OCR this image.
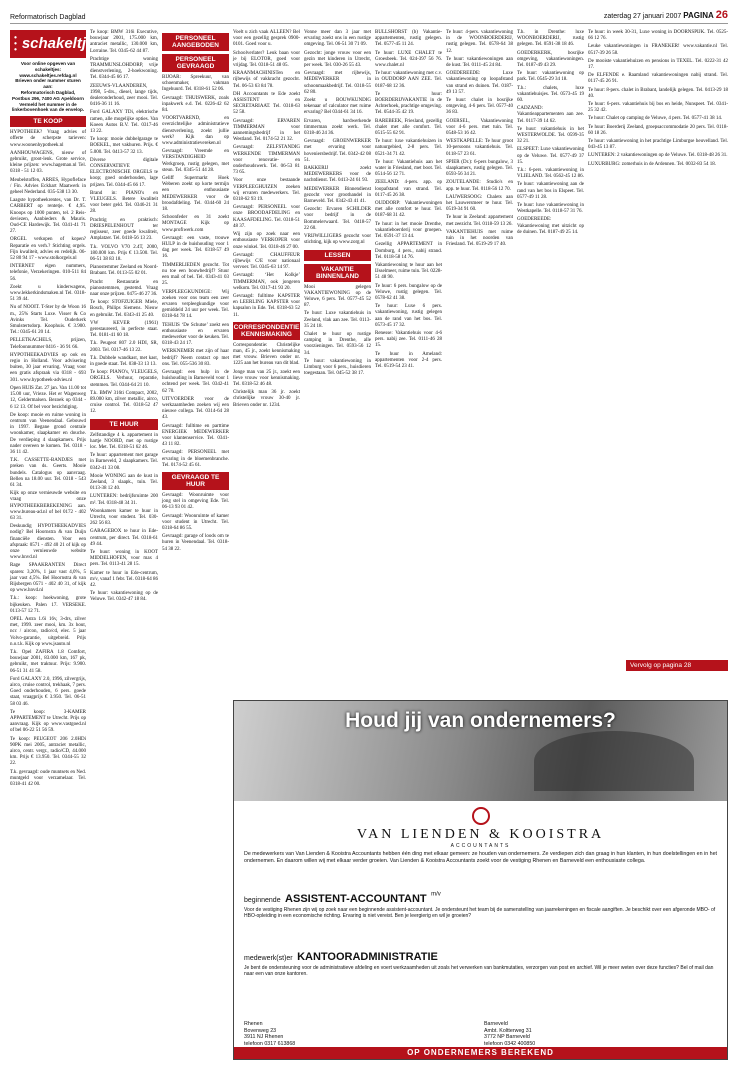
Reformatorisch Dagblad	zaterdag 27 januari 2007 PAGINA 26
• • • schakeltjes
Voor online opgeven van schakeltjes:
www.schakeltjes.refdag.nl
Brieven onder nummer sturen aan:
Reformatorisch Dagblad,
Postbus 296, 7400 AG Apeldoorn
Vermeld het nummer in de linkerbovenhoek van de envelop.
TE KOOP

HYPOTHEEK? Vraag advies of offerte de scherpste tarieven: www.woonenhypotheek.nl

AANHOUWAGENS, nieuw of gebruikt, groot-lenk. Grote service, kleine prijzen: www.hageman.nl Tel. 0318 - 51 12 03.

Meubelstoffen, ARRES, Hypofleface / Fin. Advies Eckhart Maatwerk in geheel Nederland. 035-538 13 30.

Laagste hypotheekrentes, van Dr. T. CARBERT op rentetje. € 4,95. Knoops op 1000 punten, tel. 2 Reis-deviezen, Aanbieders & Mauris. Oud-CE Hardewijk. Tel. 0341-41 71 27.

ORGEL verkopen of kopen? Reparatie en verh.? Stichting orgels. Fijn kwaliteit, advies en redelijk. 06-52 80 94 17 - www.stolkorgels.nl

INTERNET eigen nummers, telefonie, Verzekeringen. 010-511 84 56.

Zoekt u kinderwagens, www.lekkerkindsmaken.nl Tel. 0318-51 39 44.

Nu of NOOIT. T-Ster by de Woon 16 m., 25% Starts Luxe. Visser & Co Avinks Tel. Ouderkerk Smulstertsdorp. Koophuis. € 3.900. Tel.: 0345-61 20 14.

PELLETKACHELS, prijzen, Telefoonnummer 0416 - 36 91 66.

HYPOTHEEKADVIES op ook en regio in Holland. Voor advisering buiten, 30 jaar ervaring. Vraag voor een gratis afspraak via 0318 - 693 301. www.hypotheek-advies.nl

Open HUIS Zat. 27 jan. Van 11.00 tot 15.00 uur, Vrieze. Het er Wagenweg 12, Geldermalsen. Bezoek op 0344 - 6 12 13. Of bel voor bezichtiging.

De koop: mooie en ruime woning in centrum van Veenendaal. Gebouwd in 1997. Begane grond centrale woonkamer, slaapkamer en douche. De verdieping 4 slaapkamers. Prijs nader overeen te komen. Tel. 0318 - 36 11 42.

T.K. CASSETTE-BANDJES met preken van ds. Geerts. Mooie bundels. Catalogus op aanvraag. Bellen na 18.00 uur. Tel. 0318 - 543 61 34.

Kijk op onze vernieuwde website en vraag onze HYPOTHEEKBEREKENING aan. www.bureau-ad.nl of bel 0172 - 402 63 31.

Deskundig HYPOTHEEKADVIES nodig? Bel Hoornstra & van Duijn financiële diensten. Voor een afspraak: 0571 - 492 40 21 of kijk op onze vernieuwde website www.hnvd.nl

Rage SPAAKRANTEN Direct sparen: 3,20%, 1 jaar vast 4,0%, 5 jaar vast 4,5%. Bel Hoornstra & van Rijsbergen 0571 - 402 40 31, of kijk op www.hnvd.nl

T.k.: koop: hoekwoning, grote bijkeuken. Palen 17. VERSEKE. 0113-57 12 71.

OPEL Astra 1.6i 16v, 3-drs, zilver met, 1999. zeer mooi, km. 3x hout, ncc / aircon, radio/cd, elec. 5 jaar Volvo-garantie, uitgebreid. Prijs n.o.t.k. Kijk op www.jsauto.nl

T.k. Opel ZAFIRA 1.8 Comfort, bouwjaar 2001, 83.000 km, 167 pk, gebruikt, met traktuur. Prijs: 9.900. 06-51 31 41 58.

Ford GALAXY 2.0, 1996, zilvergrijs, airco, cruise control, trekhaak, 7 pers. Goed onderhouden, 6 pers. goede staat, vraagprijs € 3.950. Tel. 06-51 58 03 46.

Te koop: 3-KAMER APPARTEMENT te Utrecht. Prijs op aanvraag. Kijk op www.vastgoed.nl of bel 06-22 51 56 59.

Te koop: PEUGEOT 206 2.0HDi 90PK mei 2005, antraciet metallic, airco, centr. vergr., radio/CD, 44.000 km. Prijs € 13.950. Tel. 0344-55 32 22.

T.k. gevraagd: oude muntsets en Ned. muntgeld voor verzamelaar. Tel. 0318-41 42 00.

Te koop: BMW 316i Executive, bouwjaar 2001, 175.000 km, antraciet metallic, 130.000 km, Lorraine. Tel. 0345-62 44 87.

Prachtige woning TRAMMUNSLOHDORP, vrije dienstverlening, 2-hoekwoning. Tel. 0344-45 66 17.

ZEEUWS-VLAANDEREN, 1998, 5-drs., diesel, lange tijds, dealeronderhoud, zeer mooi. Tel. 0416-36 11 16.

Ford GALAXY TDi, elektrische ramen, alle mogelijke opties. Van Koeen Autos B.V. Tel. 0317-46 13 22.

Te koop: mooie dubbelgarage te BOEKEL, met vakhuren. Prijs. € 5.000. Tel. 0413-57 32 13.

Diverse digitale CONSERVATIEVE ELECTRONISCHE ORGELS te koop; goed onderhouden, lage prijzen. Tel. 0344-45 66 17.

Brand in: PIANO's en VLEUGELS. Betere kwaliteit voor beter geld. Tel. 0346-21 31 28.

Prachtig en praktisch: DRIESPELENHOUT ter regisseur, zeer goede kwaliteit, Amplatzer. Tel. 0418-56 13 23.

T.k. VOLVO V70 2.4T, 2000, 180.000 km. Prijs € 13.500. Tel. 06-51 38 83 18.

Pianostemmer Zeeland en Noord-Brabant. Tel. 0113-55 02 01.

Pracht Restauratie en pianostemmen, gestemd. Vraag naar onze prijzen. 0475-46 27 36.

Te koop: STOFZUIGER Miele, Bosch, Philips Siemens. Nieuw en gebruikt. Tel. 0343-41 25 40.

VW KEVER (1961) gerestaureerd, in perfecte staat. Tel. 0181-41 60 18.

T.k. Peugeot 807 2.0 HDI, SR, 2003. Tel. 0317-46 13 22.

T.k. Dubbele wandkast, met kast, in goede staat. Tel. 038-33 13 13.

Te koop: PIANO's, VLEUGELS, ORGELS. Verhuur, reparatie, stemmen. Tel. 0344-64 21 10.

T.k. BMW 316ti Compact, 2002, 89.000 km, zilver metallic, airco, cruise control. Tel. 0318-52 47 12.

TE HUUR

Zelfstandige 4 k. appartement in hartje NOORD, met op rustige loc. Met. Tel. 0318-51 62 46.

Te huur: appartement met garage in Barneveld, 2 slaapkamers. Tel. 0342-41 33 08.

Mooie WONING aan de kust in Zeeland, 3 slaapk., tuin. Tel. 0113-38 12 40.

LUNTEREN: bedrijfsruimte 200 m². Tel. 0318-48 34 31.

Woonkamers kamer te huur in Utrecht, voor student. Tel. 030-262 56 83.

GARAGEBOX te huur in Ede-centrum, per direct. Tel. 0318-61 49 44.

Te huur: woning in KOOT MIDDELHOFEN, voor max 4 pers. Tel. 0113-41 28 15.

Kamer te huur in Ede-centrum, m/v, vanaf 1 febr. Tel. 0318-64 86 42.

Te huur: vakantiewoning op de Veluwe. Tel. 0342-47 18 84.

PERSONEEL AANGEBODEN
PERSONEEL GEVRAAGD

BIJOAR: Spreekuur, van schoenmaker, vakman Ingehuurd. Tel. 0318-61 52 06.

Gevraagd: THUISWERK, zoals inpakwerk e.d. Tel. 0226-42 62 84.

VOORTVAREND, en overzichtelijke administratieve dienstverlening, zoekt jullie werk? Kijk dan op www.administratievereken.nl

Gevraagd: Vreemde en VERSTANDIGHEID Werkgroep, rustig gelegen, met steun. Tel. 0345-51 44 28.

Geliff Supermarkt Hoek Weberen zoekt op korte termijn een enthousiaste MEDEWERKER voor de broodafdeling. Tel. 0344-60 24 18.

Schoonfeder en 31 zoekt MONTAGE Kijk op www.profiwerk.com

Gevraagd: een vaste, trouwe HULP in de huishouding voor 1 dag per week. Tel. 0318-57 49 16.

TIMMERLIEDEN gezocht. Tot nu toe een bouwbedrijf? Stuur een mail of bel. Tel. 0343-41 03 25.

VERPLEEGKUNDIGE: Wij zoeken voor ons team een zeer ervaren verpleegkundige voor gemiddeld 24 uur per week. Tel. 0318-64 78 14.

TEHUIS ‘De Schutse’ zoekt een enthousiaste en ervaren medewerker voor de keuken. Tel. 0318-43 24 17.

WERKNEMER met zijn of haar bedrijf? Neem contact op met ons. Tel. 055-536 30 83.

Gevraagd: een hulp in de huishouding in Barneveld voor 1 ochtend per week. Tel. 0342-41 62 70.

UITVOERDER voor de werkzaamheden zoeken wij een nieuwe collega. Tel. 0314-64 28 43.

Gevraagd: fulltime en parttime ENERGIEK MEDEWERKER voor klantenservice. Tel. 0341-43 11 82.

Gevraagd: PERSONEEL met ervaring in de bloemenbranche. Tel. 0174-52 45 61.

GEVRAAGD TE HUUR

Gevraagd: Woonruimte voor jong stel in omgeving Ede. Tel. 06-13 93 01 42.

Gevraagd: Woonruimte of kamer voor student in Utrecht. Tel. 0318-64 86 55.

Gevraagd: garage of loods om te huren in Veenendaal. Tel. 0318-54 38 22.

Voelt u zich vaak ALLEEN? Bel voor een gezellig gesprek 0900-0101. Goed voor u.

Schoolverlater? Leuk baan voor je bij ELOTOR, goed voor vrijdag. Tel. 0318-51 48 05.

KRAANMACHINISTen en rijbewijs of vakkracht gezocht. Tel. 06-53 63 84 78.

DH Accountants te Ede zoekt ASSISTENT en SECRETARIAAT. Tel. 0318-63 52 58.

Gevraagd: ERVAREN TIMMERMAN voor aannemingsbedrijf in het Westland. Tel. 0174-52 21 32.

Gevraagd: ZELFSTANDIG WERKENDE TIMMERMAN voor renovatie- en onderhoudswerk. Tel. 06-53 81 73 65.

Voor onze bestaande VERPLEEGHUIZEN zoeken wij ervaren medewerkers. Tel. 0318-62 93 19.

Gevraagd: PERSONEEL voor onze BROODAFDELING en KAASAFDELING. Tel. 0318-51 48 37.

Wij zijn op zoek naar een enthousiaste VERKOPER voor onze winkel. Tel. 0318-46 27 00.

Gevraagd: CHAUFFEUR rijbewijs C/E voor nationaal vervoer. Tel. 0345-63 14 97.

Gevraagd: ‘Het Kolkje’ TIMMERMAN, ook jongeren welkom. Tel. 0317-41 93 20.

Gevraagd: fulltime KAPSTER en LEERLING KAPSTER voor kapsalon in Ede. Tel. 0318-63 52 11.

CORRESPONDENTIE KENNISMAKING

Correspondentie: Christelijke man, 45 jr., zoekt kennismaking met vrouw. Brieven onder nr. 1225 aan het bureau van dit blad.

Jonge man van 25 jr., zoekt een lieve vrouw voor kennismaking. Tel. 0318-52 46 48.

Christelijk man 36 jr. zoekt christelijke vrouw 30-40 jr. Brieven onder nr. 1234.

Vonne meer dan 3 jaar met ervaring zoekt ons in een rustige omgeving. Tel. 06-51 30 71 09.

Gezocht: jonge vrouw voor een gezin met kinderen in Utrecht, per week. Tel. 030-26 55 43.

Gevraagd: met rijbewijs, MEDEWERKER in schoonmaakbedrijf. Tel. 0318-55 62 80.

Zoekt u BOUWKUNDIG tekenaar of calculator met ruime ervaring? Bel 0344-61 34 16.

Ervaren, hardwerkende timmerman zoekt werk. Tel. 0318-46 24 36.

Gevraagd: GROENWERKER met ervaring voor hoveniersbedrijf. Tel. 0342-42 08 51.

BAKKERIJ zoekt MEDEWERKERS voor de nachtdienst. Tel. 0413-24 61 93.

MEDEWERKER Binnendienst gezocht voor groothandel in Barneveld. Tel. 0342-43 41 41.

Gezocht: Ervaren SCHILDER voor bedrijf in de Bommelerwaard. Tel. 0418-57 22 60.

VRIJWILLIGERS gezocht voor stichting, kijk op www.zorg.nl

LESSEN
VAKANTIE BINNENLAND

Mooi gelegen VAKANTIEWONING op de Veluwe, 6 pers. Tel. 0577-45 52 87.

Te huur: Luxe vakantiehuis in Zeeland, vlak aan zee. Tel. 0113-35 24 18.

Chalet te huur op rustige camping in Drenthe, alle voorzieningen. Tel. 0593-56 12 34.

Te huur: vakantiewoning in Limburg voor 6 pers., huisdieren toegestaan. Tel. 045-52 38 17.

BULLSHORST (b) Vakantie-appartementen, rustig gelegen. Tel. 0577-45 11 24.

Te huur: LUXE CHALET te Groesbeek. Tel. 024-397 56 76. www.chalet.nl

Te huur: vakantiewoning met c.v. in OUDDORP AAN ZEE. Tel. 0187-68 12 36.

Te huur: BOERDERIJVAKANTIE in de Achterhoek, prachtige omgeving. Tel. 0544-35 42 19.

BAREBEEK, Friesland, gezellig chalet met alle comfort. Tel. 0515-55 62 91.

Te huur: luxe vakantiehuizen in natuurgebied, 2-8 pers. Tel. 0521-34 71 42.

Te huur: Vakantiehuis aan het water in Friesland, met boot. Tel. 0514-56 12 71.

ZEELAND: 4-pers. app. op loopafstand van strand. Tel. 0117-45 26 38.

OUDDORP: Vakantiewoningen met alle comfort te huur. Tel. 0187-68 31 42.

Te huur: in het mooie Drenthe, vakantieboerderij voor groepen. Tel. 0591-37 13 44.

Gezellig APPARTEMENT in Domburg, 4 pers., nabij strand. Tel. 0118-58 14 76.

Vakantiewoning te huur aan het IJsselmeer, ruime tuin. Tel. 0228-51 48 90.

Te huur: 6 pers. bungalow op de Veluwe, rustig gelegen. Tel. 0578-62 41 38.

Te huur: Luxe 6 pers. vakantiewoning, rustig gelegen aan de rand van het bos. Tel. 0573-45 17 32.

Renesse: Vakantiehuis voor 4-6 pers. nabij zee. Tel. 0111-46 28 15.

Te huur in Ameland: appartementen voor 2-4 pers. Tel. 0519-54 23 41.

Te huur: 4-pers. vakantiewoning in de WOONBOERDERIJ, rustig gelegen. Tel. 0578-64 38 12.

Te huur: vakantiewoningen aan de kust. Tel. 0111-45 24 84.

GOEDEREEDE: Luxe vakantiewoning op loopafstand van strand en duinen. Tel. 0187-49 13 57.

Te huur: chalet in bosrijke omgeving, 4-6 pers. Tel. 0577-40 36 83.

GOERSEL, Vakantiewoning voor 4-6 pers. met tuin. Tel. 0548-53 16 42.

WESTKAPELLE: Te huur groot 10-persoons vakantiehuis. Tel. 0118-57 23 61.

SPIER (Dr.): 6-pers bungalow, 3 slaapkamers, rustig gelegen. Tel. 0593-56 34 21.

ZOUTELANDE: Studio's en app. te huur. Tel. 0118-56 12 70.

LAUWERSOOG: Chalets aan het Lauwersmeer te huur. Tel. 0519-34 91 60.

Te huur in Zeeland: appartement met zeezicht. Tel. 0118-59 13 26.

VAKANTIEHUIS met ruime tuin in het noorden van Friesland. Tel. 0519-29 17 40.

T.h. in Drenthe: luxe WOONBOERDERIJ, rustig gelegen. Tel. 0591-38 18 46.

GOEDERKERK, bosrijke omgeving, vakantiewoningen. Tel. 0187-49 43 29.

Te huur: vakantiewoning op park. Tel. 0545-29 34 18.

T.h.: chalets, luxe vakantiehuisjes. Tel. 0573-45 19 60.

CADZAND: Vakantieappartementen aan zee. Tel. 0117-39 14 62.

Te huur: vakantiehuis in het WESTERWOLDE. Tel. 0599-35 32 21.

ELSPEET: Luxe vakantiewoning op de Veluwe. Tel. 0577-49 37 15.

T.k.: 6-pers. vakantiewoning in VLIELAND. Tel. 0562-45 12 86.

Te huur: vakantiewoning aan de rand van het bos in Elspeet. Tel. 0577-49 11 28.

Te huur: luxe vakantiewoning in Westkapelle. Tel. 0118-57 31 76.

GOEDEREEDE: Vakantiewoning met uitzicht op de duinen. Tel. 0187-49 25 14.

Te huur: in week 30-31, Luxe woning in DOORNSPIJK. Tel. 0525-66 12 76.

Leuke vakantiewoningen in FRANEKER! www.vakantie.nl Tel. 0517-39 26 58.

De mooiste vakantiehuizen en pensions in TEXEL. Tel. 0222-31 42 17.

De ELFENDE e. Raamland vakantiewoningen nabij strand. Tel. 0117-45 26 91.

Te huur: 8-pers. chalet in Brabant, landelijk gelegen. Tel. 0413-29 18 40.

Te huur: 6-pers. vakantiehuis bij bos en heide, Nunspeet. Tel. 0341-25 32 42.

Te huur: Chalet op camping de Veluwe, 4 pers. Tel. 0577-41 38 14.

Te huur: Boerderij Zeeland, groepsaccommodatie 20 pers. Tel. 0118-60 18 26.

Te huur: vakantiewoning in het prachtige Limburgse heuvelland. Tel. 043-45 13 87.

LUNTEREN: 2 vakantiewoningen op de Veluwe. Tel. 0318-48 26 31.

LUXURBURG: zomerhuis in de Ardennen. Tel. 0032-83 54 18.

Vervolg op pagina 28
Houd jij van ondernemers?
VAN LIENDEN & KOOISTRA
ACCOUNTANTS
De medewerkers van Van Lienden & Kooistra Accountants hebben één ding met elkaar gemeen: ze houden van ondernemers. Ze verdiepen zich dan graag in hun klanten, in hun doelstellingen en in het ondernemen. En daarom willen wij met elkaar verder groeien. Van Lienden & Kooistra Accountants zoekt voor de vestiging Rhenen en Barneveld een enthousiaste collega.
beginnende ASSISTENT-ACCOUNTANT $^{m/v}$
Voor de vestiging Rhenen zijn wij op zoek naar een beginnende assistent-accountant. Je ondersteunt het team bij de samenstelling van jaarrekeningen en fiscale aangiften. Je beschikt over een afgeronde MBO- of HBO-opleiding in een economische richting. Ervaring is niet vereist. Ben je leergierig en wil je groeien?
medewerk(st)er KANTOORADMINISTRATIE
Je bent de ondersteuning voor de administratieve afdeling en voert werkzaamheden uit zoals het verwerken van bankmutaties, verzorgen van post en archief. Wil je meer weten over deze functies? Bel of mail dan naar een van onze kantoren.
Rhenen
Bovenweg 23
3911 NJ Rhenen
telefoon 0317 613868
Barneveld
Ambt. Koltterweg 31
3772 NP Barneveld
telefoon 0342 400850
OP ONDERNEMERS BEREKEND
